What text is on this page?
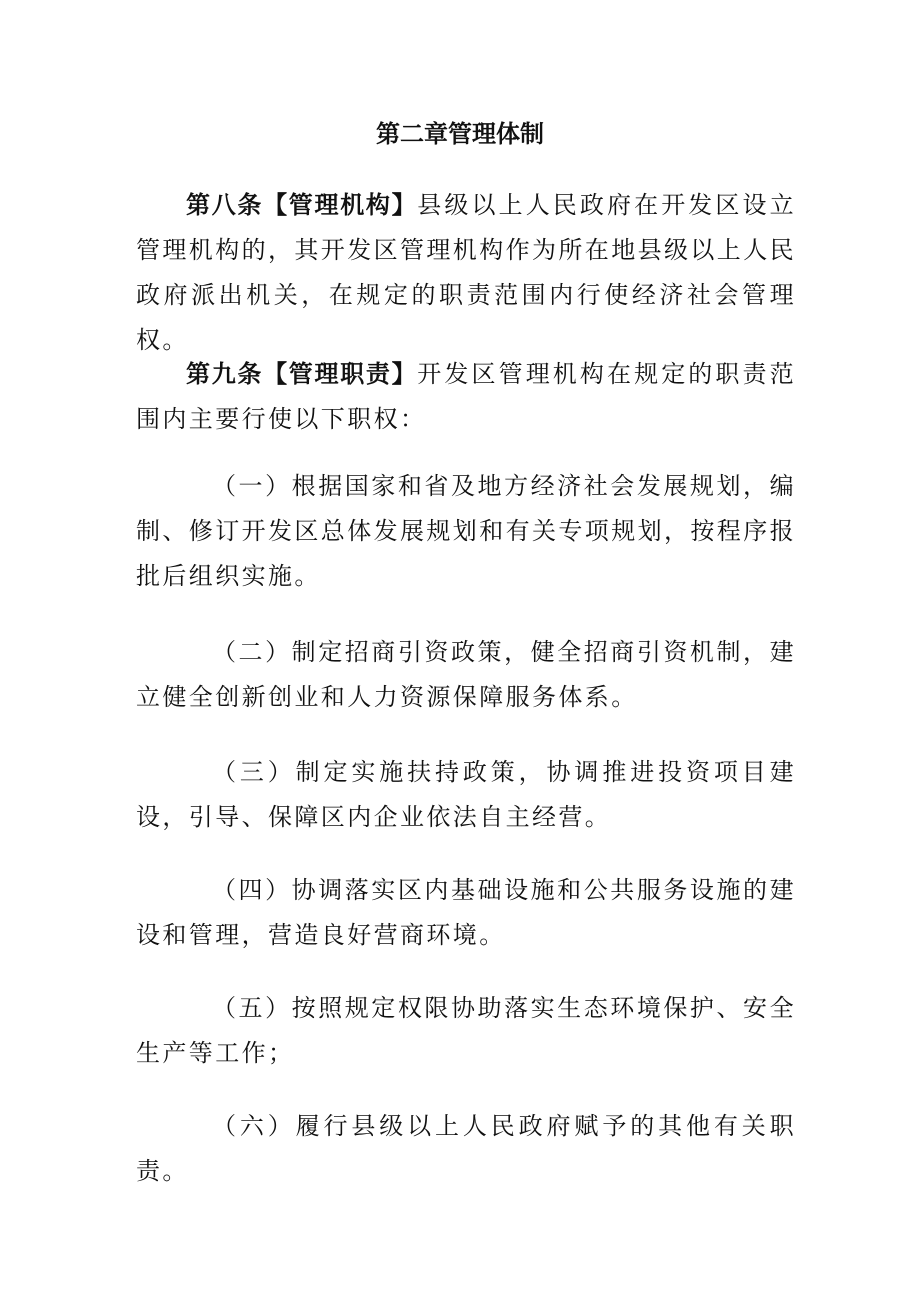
第二章管理体制

第八条【管理机构】县级以上人民政府在开发区设立管理机构的，其开发区管理机构作为所在地县级以上人民政府派出机关，在规定的职责范围内行使经济社会管理权。

第九条【管理职责】开发区管理机构在规定的职责范围内主要行使以下职权：

（一）根据国家和省及地方经济社会发展规划，编制、修订开发区总体发展规划和有关专项规划，按程序报批后组织实施。

（二）制定招商引资政策，健全招商引资机制，建立健全创新创业和人力资源保障服务体系。

（三）制定实施扶持政策，协调推进投资项目建设，引导、保障区内企业依法自主经营。

（四）协调落实区内基础设施和公共服务设施的建设和管理，营造良好营商环境。

（五）按照规定权限协助落实生态环境保护、安全生产等工作；

（六）履行县级以上人民政府赋予的其他有关职责。
